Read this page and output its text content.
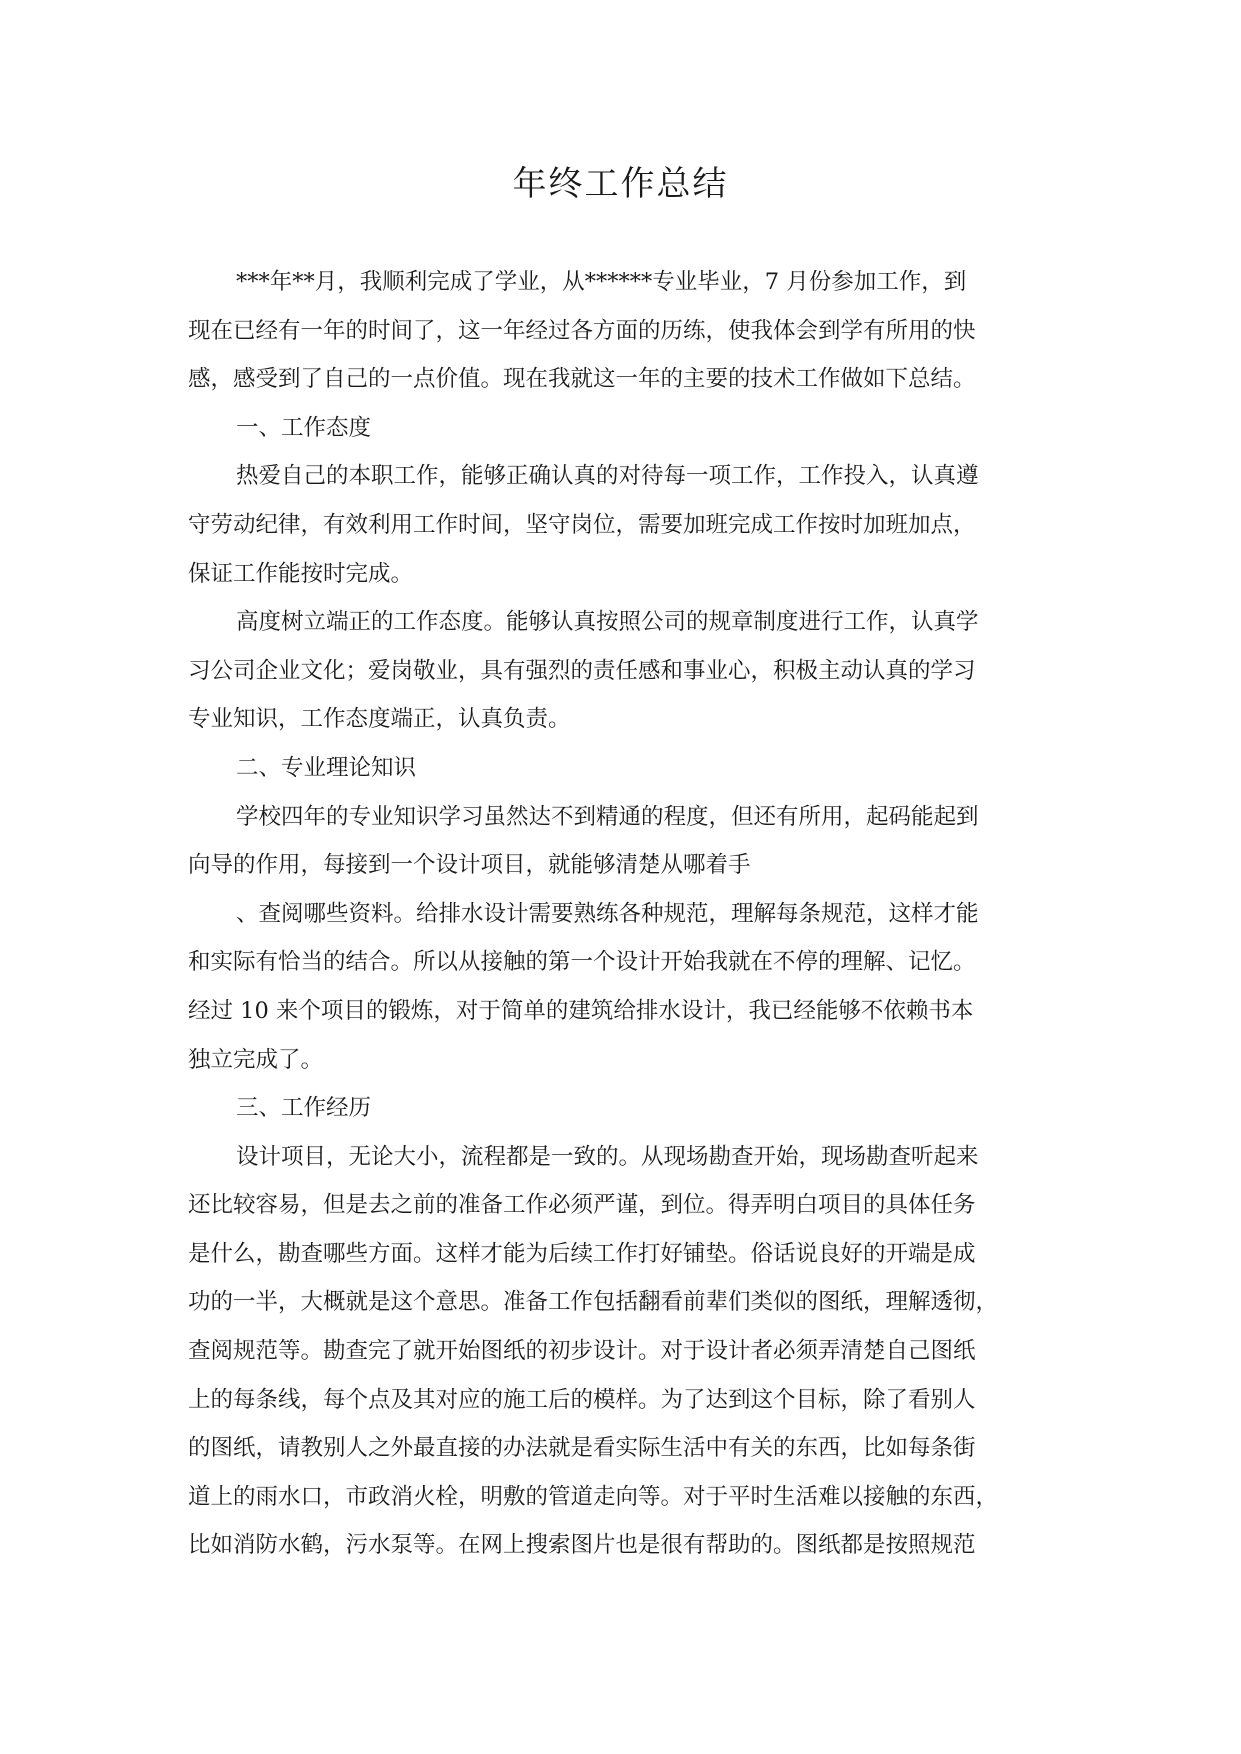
年终工作总结

***年**月，我顺利完成了学业，从******专业毕业，7 月份参加工作，到

现在已经有一年的时间了，这一年经过各方面的历练，使我体会到学有所用的快

感，感受到了自己的一点价值。现在我就这一年的主要的技术工作做如下总结。

一、工作态度

热爱自己的本职工作，能够正确认真的对待每一项工作，工作投入，认真遵

守劳动纪律，有效利用工作时间，坚守岗位，需要加班完成工作按时加班加点，

保证工作能按时完成。

高度树立端正的工作态度。能够认真按照公司的规章制度进行工作，认真学

习公司企业文化；爱岗敬业，具有强烈的责任感和事业心，积极主动认真的学习

专业知识，工作态度端正，认真负责。

二、专业理论知识

学校四年的专业知识学习虽然达不到精通的程度，但还有所用，起码能起到

向导的作用，每接到一个设计项目，就能够清楚从哪着手

、查阅哪些资料。给排水设计需要熟练各种规范，理解每条规范，这样才能

和实际有恰当的结合。所以从接触的第一个设计开始我就在不停的理解、记忆。

经过 10 来个项目的锻炼，对于简单的建筑给排水设计，我已经能够不依赖书本

独立完成了。

三、工作经历

设计项目，无论大小，流程都是一致的。从现场勘查开始，现场勘查听起来

还比较容易，但是去之前的准备工作必须严谨，到位。得弄明白项目的具体任务

是什么，勘查哪些方面。这样才能为后续工作打好铺垫。俗话说良好的开端是成

功的一半，大概就是这个意思。准备工作包括翻看前辈们类似的图纸，理解透彻，

查阅规范等。勘查完了就开始图纸的初步设计。对于设计者必须弄清楚自己图纸

上的每条线，每个点及其对应的施工后的模样。为了达到这个目标，除了看别人

的图纸，请教别人之外最直接的办法就是看实际生活中有关的东西，比如每条街

道上的雨水口，市政消火栓，明敷的管道走向等。对于平时生活难以接触的东西，

比如消防水鹤，污水泵等。在网上搜索图片也是很有帮助的。图纸都是按照规范
